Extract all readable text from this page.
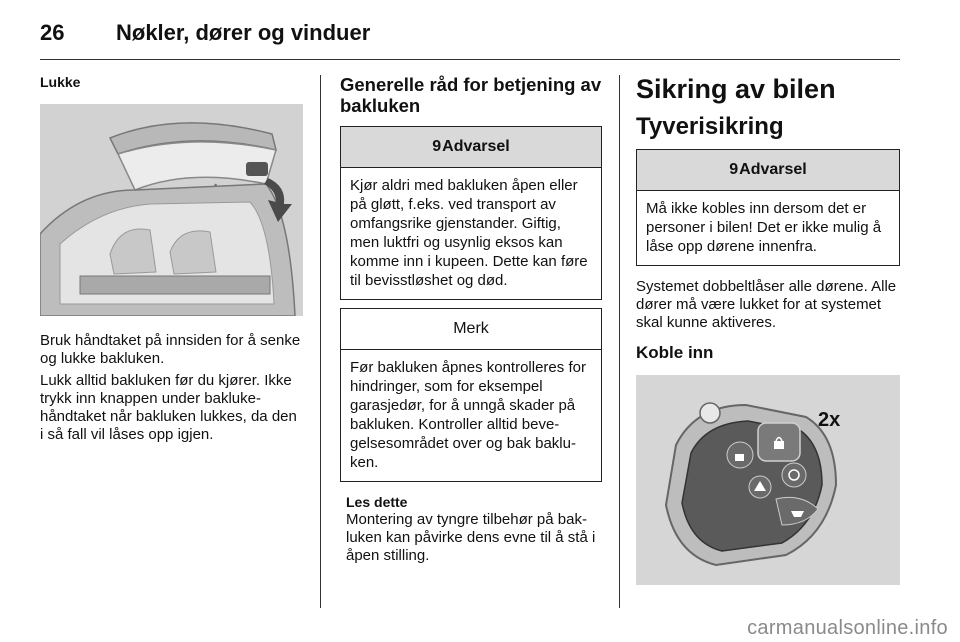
26 Nøkler, dører og vinduer
Lukke

Bruk håndtaket på innsiden for å senke og lukke bakluken.

Lukk alltid bakluken før du kjører. Ikke trykk inn knappen under baklukehåndtaket når bakluken lukkes, da den i så fall vil låses opp igjen.

Generelle råd for betjening av bakluken
9 Advarsel
Kjør aldri med bakluken åpen eller på gløtt, f.eks. ved transport av omfangsrike gjenstander. Giftig, men luktfri og usynlig eksos kan komme inn i kupeen. Dette kan føre til bevisstløshet og død.
Merk
Før bakluken åpnes kontrolleres for hindringer, som for eksempel garasjedør, for å unngå skader på bakluken. Kontroller alltid bevegelsesområdet over og bak bakluken.
Les dette

Montering av tyngre tilbehør på bakluken kan påvirke dens evne til å stå i åpen stilling.

Sikring av bilen
Tyverisikring
9 Advarsel
Må ikke kobles inn dersom det er personer i bilen! Det er ikke mulig å låse opp dørene innenfra.

Systemet dobbeltlåser alle dørene. Alle dører må være lukket for at systemet skal kunne aktiveres.

Koble inn
2x
carmanualsonline.info
